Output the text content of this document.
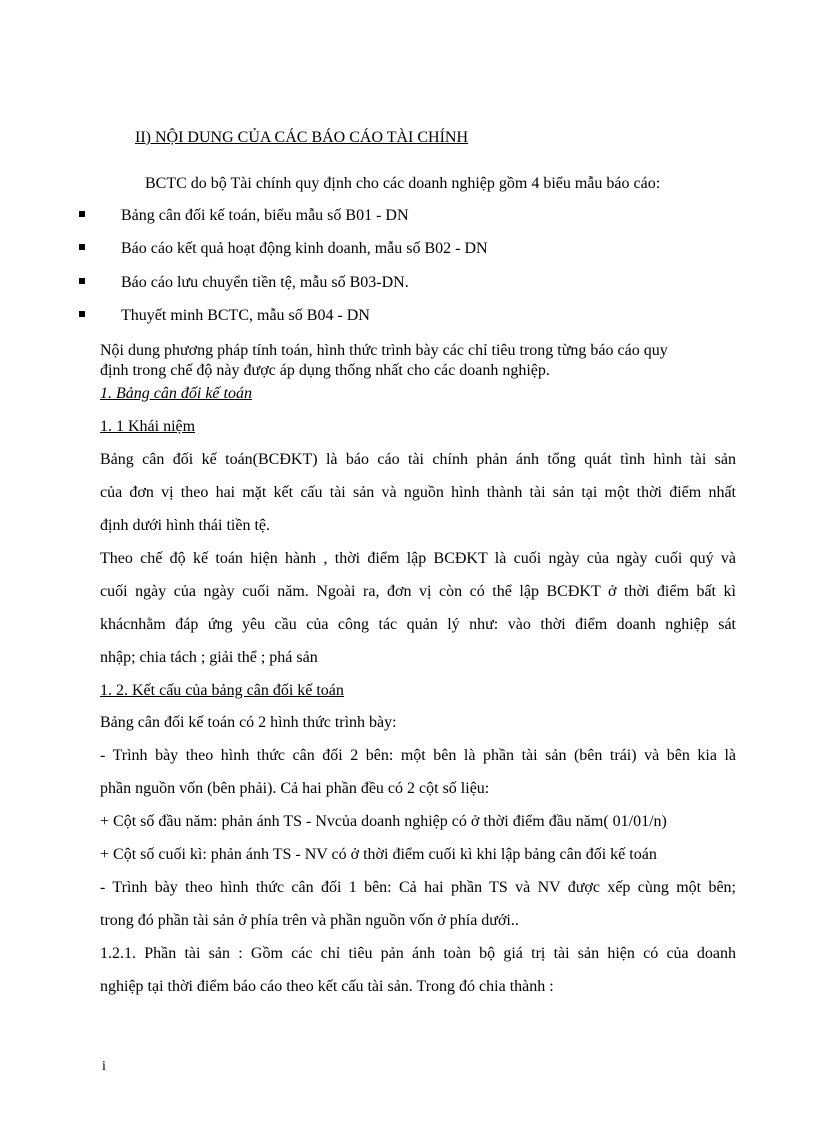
II) NỘI DUNG CỦA CÁC BÁO CÁO TÀI CHÍNH
BCTC do bộ Tài chính quy định cho các doanh nghiệp gồm 4 biểu mẫu báo cáo:
Bảng cân đối kế toán, biểu mẫu số B01 - DN
Báo cáo kết quả hoạt động kinh doanh, mẫu số B02 - DN
Báo cáo lưu chuyển tiền tệ, mẫu số B03-DN.
Thuyết minh BCTC, mẫu số B04 - DN
Nội dung phương pháp tính toán, hình thức trình bày các chỉ tiêu trong từng báo cáo quy
định trong chế độ này được áp dụng thống nhất cho các doanh nghiệp.
1. Bảng cân đối kế toán
1. 1 Khái niệm
Bảng cân đối kế toán(BCĐKT) là báo cáo tài chính phản ánh tổng quát tình hình tài sản
của đơn vị theo hai mặt kết cấu tài sản và nguồn hình thành tài sản tại một thời điểm nhất
định dưới hình thái tiền tệ.
Theo chế độ kế toán hiện hành , thời điểm lập BCĐKT là cuối ngày của ngày cuối quý và
cuối ngày của ngày cuối năm. Ngoài ra, đơn vị còn có thể lập BCĐKT ở thời điểm bất kì
khácnhằm đáp ứng yêu cầu của công tác quản lý như: vào thời điểm doanh nghiệp sát
nhập; chia tách ; giải thể ; phá sản
1. 2. Kết cấu của bảng cân đối kế toán
Bảng cân đối kế toán có 2 hình thức trình bày:
- Trình bày theo hình thức cân đối 2 bên: một bên là phần tài sản (bên trái) và bên kia là
phần nguồn vốn (bên phải). Cả hai phần đều có 2 cột số liệu:
+ Cột số đầu năm: phản ánh TS - Nvcủa doanh nghiệp có ở thời điểm đầu năm( 01/01/n)
+ Cột số cuối kì: phản ánh TS - NV có ở thời điểm cuối kì khi lập bảng cân đối kế toán
- Trình bày theo hình thức cân đối 1 bên: Cả hai phần TS và NV được xếp cùng một bên;
trong đó phần tài sản ở phía trên và phần nguồn vốn ở phía dưới..
1.2.1. Phần tài sản : Gồm các chỉ tiêu pản ánh toàn bộ giá trị tài sản hiện có của doanh
nghiệp tại thời điểm báo cáo theo kết cấu tài sản. Trong đó chia thành :
i
